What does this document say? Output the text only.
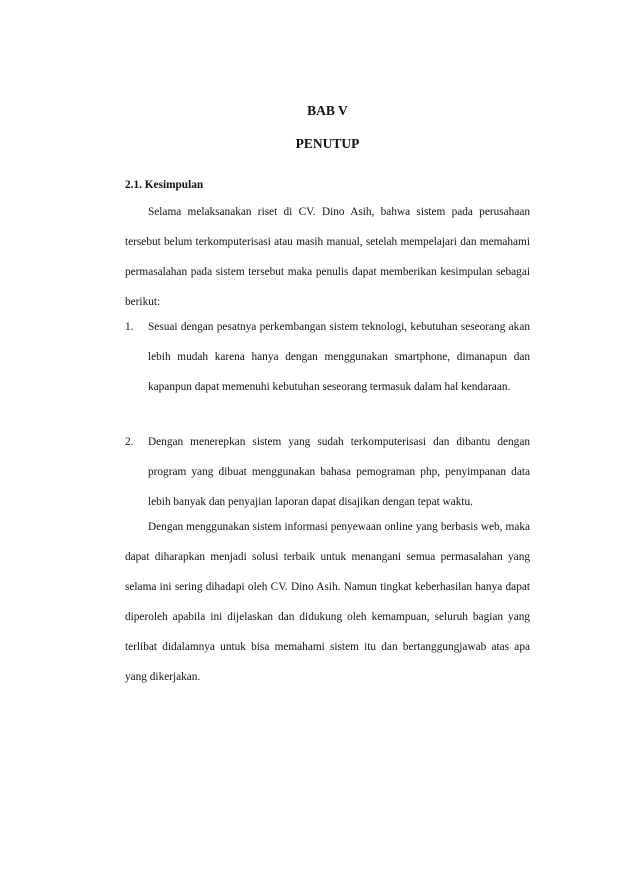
BAB V
PENUTUP
2.1. Kesimpulan

Selama melaksanakan riset di CV. Dino Asih, bahwa sistem pada perusahaan tersebut belum terkomputerisasi atau masih manual, setelah mempelajari dan memahami permasalahan pada sistem tersebut maka penulis dapat memberikan kesimpulan sebagai berikut:

1. Sesuai dengan pesatnya perkembangan sistem teknologi, kebutuhan seseorang akan lebih mudah karena hanya dengan menggunakan smartphone, dimanapun dan kapanpun dapat memenuhi kebutuhan seseorang termasuk dalam hal kendaraan.
2. Dengan menerepkan sistem yang sudah terkomputerisasi dan dibantu dengan program yang dibuat menggunakan bahasa pemograman php, penyimpanan data lebih banyak dan penyajian laporan dapat disajikan dengan tepat waktu.

Dengan menggunakan sistem informasi penyewaan online yang berbasis web, maka dapat diharapkan menjadi solusi terbaik untuk menangani semua permasalahan yang selama ini sering dihadapi oleh CV. Dino Asih. Namun tingkat keberhasilan hanya dapat diperoleh apabila ini dijelaskan dan didukung oleh kemampuan, seluruh bagian yang terlibat didalamnya untuk bisa memahami sistem itu dan bertanggungjawab atas apa yang dikerjakan.
